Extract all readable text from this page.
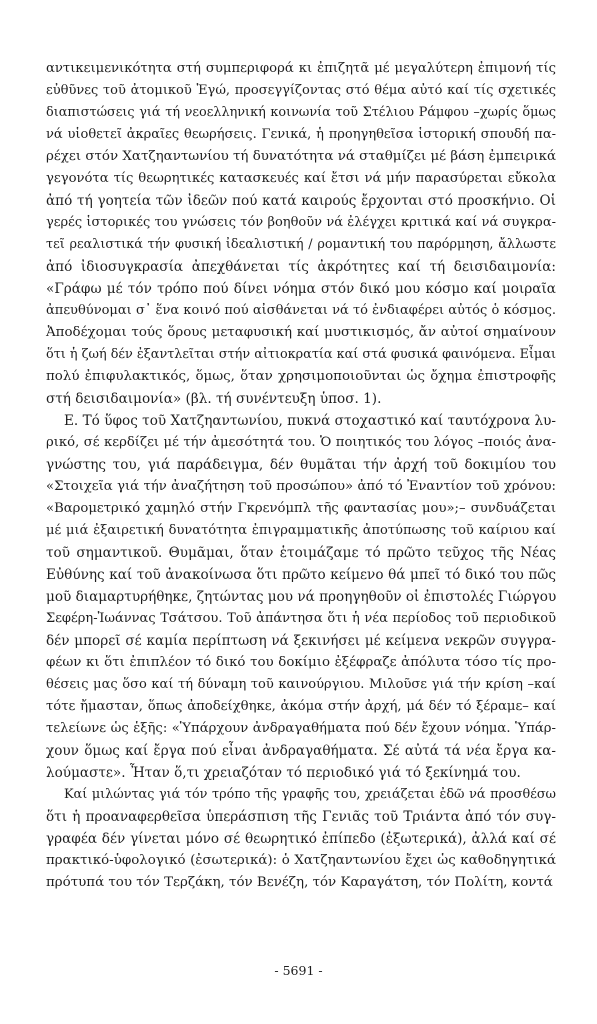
αντικειμενικότητα στή συμπεριφορά κι ἐπιζητᾶ μέ μεγαλύτερη ἐπιμονή τίς
εὐθῦνες τοῦ ἀτομικοῦ Ἐγώ, προσεγγίζοντας στό θέμα αὐτό καί τίς σχετικές
διαπιστώσεις γιά τή νεοελληνική κοινωνία τοῦ Στέλιου Ράμφου –χωρίς ὅμως
νά υἱοθετεῖ ἀκραῖες θεωρήσεις. Γενικά, ἡ προηγηθεῖσα ἱστορική σπουδή πα-
ρέχει στόν Χατζηαντωνίου τή δυνατότητα νά σταθμίζει μέ βάση ἐμπειρικά
γεγονότα τίς θεωρητικές κατασκευές καί ἔτσι νά μήν παρασύρεται εὔκολα
ἀπό τή γοητεία τῶν ἰδεῶν πού κατά καιρούς ἔρχονται στό προσκήνιο. Οἱ
γερές ἱστορικές του γνώσεις τόν βοηθοῦν νά ἐλέγχει κριτικά καί νά συγκρα-
τεῖ ρεαλιστικά τήν φυσική ἰδεαλιστική / ρομαντική του παρόρμηση, ἄλλωστε
ἀπό ἰδιοσυγκρασία ἀπεχθάνεται τίς ἀκρότητες καί τή δεισιδαιμονία:
«Γράφω μέ τόν τρόπο πού δίνει νόημα στόν δικό μου κόσμο καί μοιραῖα
ἀπευθύνομαι σ᾽ ἕνα κοινό πού αἰσθάνεται νά τό ἐνδιαφέρει αὐτός ὁ κόσμος.
Ἀποδέχομαι τούς ὅρους μεταφυσική καί μυστικισμός, ἄν αὐτοί σημαίνουν
ὅτι ἡ ζωή δέν ἐξαντλεῖται στήν αἰτιοκρατία καί στά φυσικά φαινόμενα. Εἶμαι
πολύ ἐπιφυλακτικός, ὅμως, ὅταν χρησιμοποιοῦνται ὡς ὄχημα ἐπιστροφῆς
στή δεισιδαιμονία» (βλ. τή συνέντευξη ὑποσ. 1).
Ε. Τό ὕφος τοῦ Χατζηαντωνίου, πυκνά στοχαστικό καί ταυτόχρονα λυ-
ρικό, σέ κερδίζει μέ τήν ἀμεσότητά του. Ὁ ποιητικός του λόγος –ποιός ἀνα-
γνώστης του, γιά παράδειγμα, δέν θυμᾶται τήν ἀρχή τοῦ δοκιμίου του
«Στοιχεῖα γιά τήν ἀναζήτηση τοῦ προσώπου» ἀπό τό Ἐναντίον τοῦ χρόνου:
«Βαρομετρικό χαμηλό στήν Γκρενόμπλ τῆς φαντασίας μου»;– συνδυάζεται
μέ μιά ἐξαιρετική δυνατότητα ἐπιγραμματικῆς ἀποτύπωσης τοῦ καίριου καί
τοῦ σημαντικοῦ. Θυμᾶμαι, ὅταν ἑτοιμάζαμε τό πρῶτο τεῦχος τῆς Νέας
Εὐθύνης καί τοῦ ἀνακοίνωσα ὅτι πρῶτο κείμενο θά μπεῖ τό δικό του πῶς
μοῦ διαμαρτυρήθηκε, ζητώντας μου νά προηγηθοῦν οἱ ἐπιστολές Γιώργου
Σεφέρη-Ἰωάννας Τσάτσου. Τοῦ ἀπάντησα ὅτι ἡ νέα περίοδος τοῦ περιοδικοῦ
δέν μπορεῖ σέ καμία περίπτωση νά ξεκινήσει μέ κείμενα νεκρῶν συγγρα-
φέων κι ὅτι ἐπιπλέον τό δικό του δοκίμιο ἐξέφραζε ἀπόλυτα τόσο τίς προ-
θέσεις μας ὅσο καί τή δύναμη τοῦ καινούργιου. Μιλοῦσε γιά τήν κρίση –καί
τότε ἤμασταν, ὅπως ἀποδείχθηκε, ἀκόμα στήν ἀρχή, μά δέν τό ξέραμε– καί
τελείωνε ὡς ἑξῆς: «Ὑπάρχουν ἀνδραγαθήματα πού δέν ἔχουν νόημα. Ὑπάρ-
χουν ὅμως καί ἔργα πού εἶναι ἀνδραγαθήματα. Σέ αὐτά τά νέα ἔργα κα-
λούμαστε». Ἦταν ὅ,τι χρειαζόταν τό περιοδικό γιά τό ξεκίνημά του.
Καί μιλώντας γιά τόν τρόπο τῆς γραφῆς του, χρειάζεται ἐδῶ νά προσθέσω
ὅτι ἡ προαναφερθεῖσα ὑπεράσπιση τῆς Γενιᾶς τοῦ Τριάντα ἀπό τόν συγ-
γραφέα δέν γίνεται μόνο σέ θεωρητικό ἐπίπεδο (ἐξωτερικά), ἀλλά καί σέ
πρακτικό-ὑφολογικό (ἐσωτερικά): ὁ Χατζηαντωνίου ἔχει ὡς καθοδηγητικά
πρότυπά του τόν Τερζάκη, τόν Βενέζη, τόν Καραγάτση, τόν Πολίτη, κοντά
- 5691 -
